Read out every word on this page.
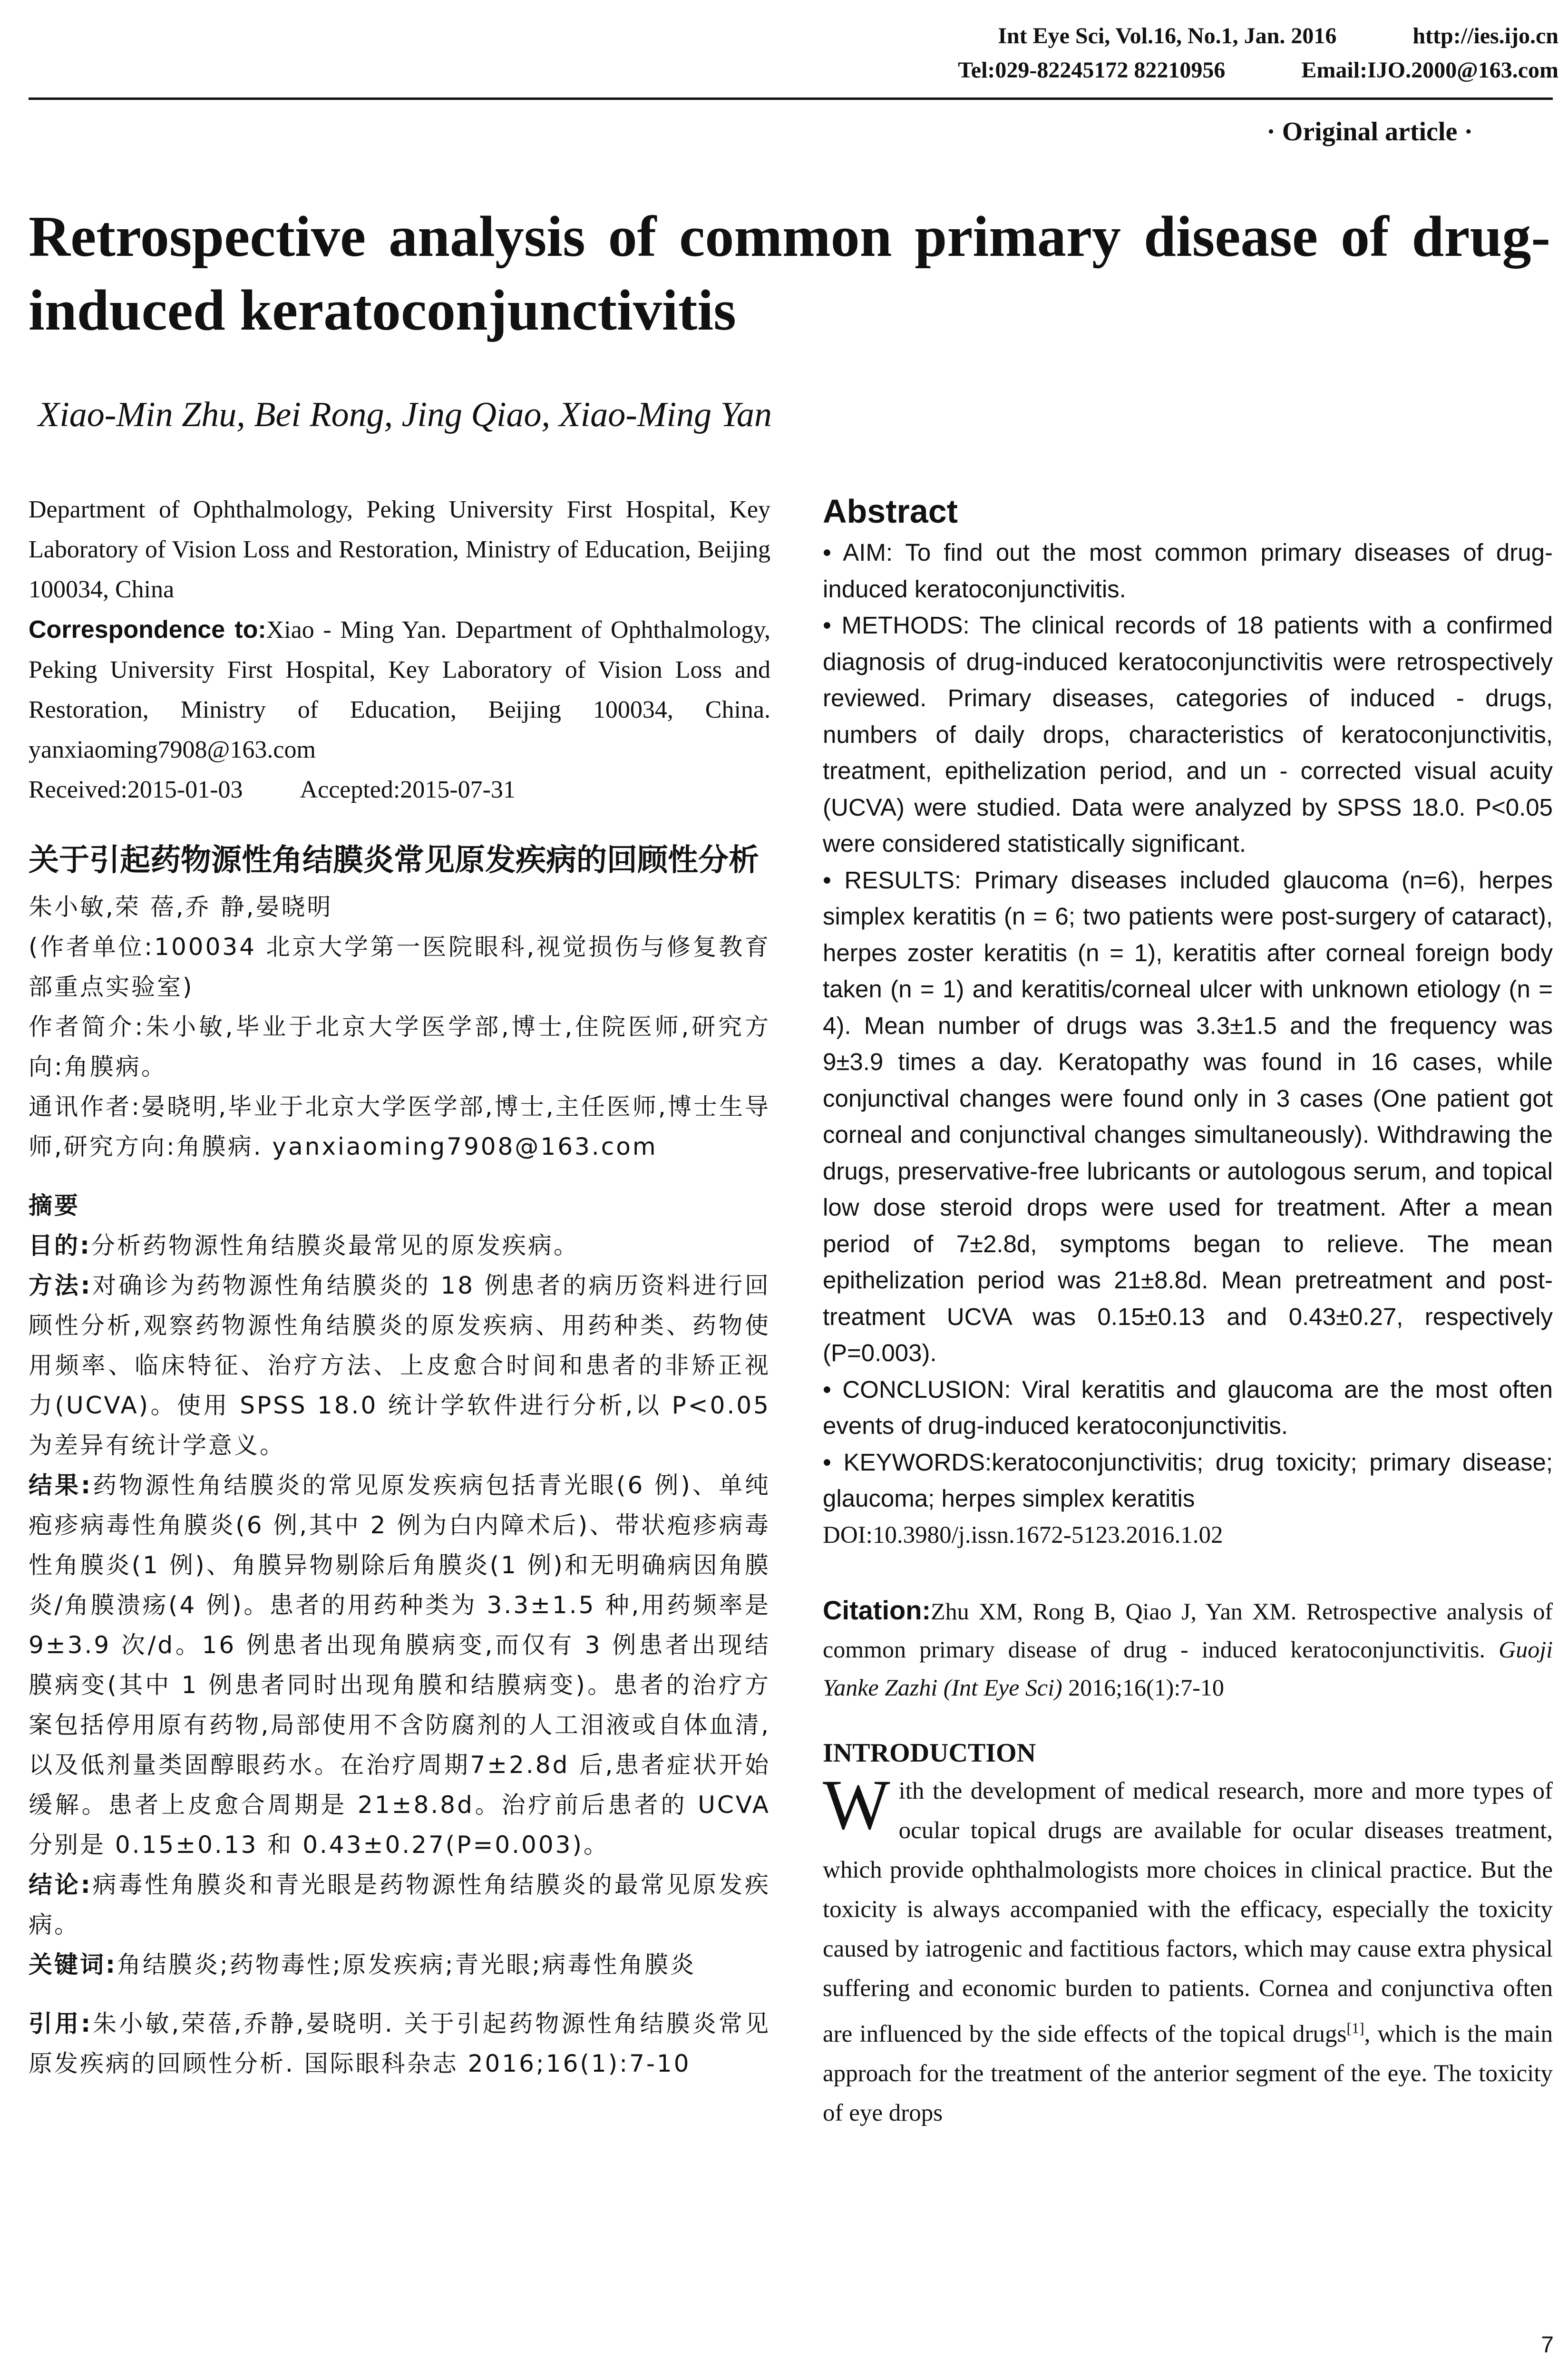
Int Eye Sci, Vol.16, No.1, Jan. 2016	http://ies.ijo.cn
Tel:029-82245172 82210956	Email:IJO.2000@163.com
· Original article ·
Retrospective analysis of common primary disease of drug-induced keratoconjunctivitis
Xiao-Min Zhu, Bei Rong, Jing Qiao, Xiao-Ming Yan

Department of Ophthalmology, Peking University First Hospital, Key Laboratory of Vision Loss and Restoration, Ministry of Education, Beijing 100034, China

Correspondence to:Xiao - Ming Yan. Department of Ophthalmology, Peking University First Hospital, Key Laboratory of Vision Loss and Restoration, Ministry of Education, Beijing 100034, China. yanxiaoming7908@163.com

Received:2015-01-03 Accepted:2015-07-31

关于引起药物源性角结膜炎常见原发疾病的回顾性分析
朱小敏,荣 蓓,乔 静,晏晓明
(作者单位:100034 北京大学第一医院眼科,视觉损伤与修复教育部重点实验室)
作者简介:朱小敏,毕业于北京大学医学部,博士,住院医师,研究方向:角膜病。
通讯作者:晏晓明,毕业于北京大学医学部,博士,主任医师,博士生导师,研究方向:角膜病. yanxiaoming7908@163.com
摘要
目的:分析药物源性角结膜炎最常见的原发疾病。
方法:对确诊为药物源性角结膜炎的 18 例患者的病历资料进行回顾性分析,观察药物源性角结膜炎的原发疾病、用药种类、药物使用频率、临床特征、治疗方法、上皮愈合时间和患者的非矫正视力(UCVA)。使用 SPSS 18.0 统计学软件进行分析,以 P<0.05 为差异有统计学意义。
结果:药物源性角结膜炎的常见原发疾病包括青光眼(6 例)、单纯疱疹病毒性角膜炎(6 例,其中 2 例为白内障术后)、带状疱疹病毒性角膜炎(1 例)、角膜异物剔除后角膜炎(1 例)和无明确病因角膜炎/角膜溃疡(4 例)。患者的用药种类为 3.3±1.5 种,用药频率是 9±3.9 次/d。16 例患者出现角膜病变,而仅有 3 例患者出现结膜病变(其中 1 例患者同时出现角膜和结膜病变)。患者的治疗方案包括停用原有药物,局部使用不含防腐剂的人工泪液或自体血清,以及低剂量类固醇眼药水。在治疗周期7±2.8d 后,患者症状开始缓解。患者上皮愈合周期是 21±8.8d。治疗前后患者的 UCVA 分别是 0.15±0.13 和 0.43±0.27(P=0.003)。
结论:病毒性角膜炎和青光眼是药物源性角结膜炎的最常见原发疾病。
关键词:角结膜炎;药物毒性;原发疾病;青光眼;病毒性角膜炎
引用:朱小敏,荣蓓,乔静,晏晓明. 关于引起药物源性角结膜炎常见原发疾病的回顾性分析. 国际眼科杂志 2016;16(1):7-10
Abstract

• AIM: To find out the most common primary diseases of drug-induced keratoconjunctivitis.

• METHODS: The clinical records of 18 patients with a confirmed diagnosis of drug-induced keratoconjunctivitis were retrospectively reviewed. Primary diseases, categories of induced - drugs, numbers of daily drops, characteristics of keratoconjunctivitis, treatment, epithelization period, and un - corrected visual acuity (UCVA) were studied. Data were analyzed by SPSS 18.0. P<0.05 were considered statistically significant.

• RESULTS: Primary diseases included glaucoma (n=6), herpes simplex keratitis (n = 6; two patients were post-surgery of cataract), herpes zoster keratitis (n = 1), keratitis after corneal foreign body taken (n = 1) and keratitis/corneal ulcer with unknown etiology (n = 4). Mean number of drugs was 3.3±1.5 and the frequency was 9±3.9 times a day. Keratopathy was found in 16 cases, while conjunctival changes were found only in 3 cases (One patient got corneal and conjunctival changes simultaneously). Withdrawing the drugs, preservative-free lubricants or autologous serum, and topical low dose steroid drops were used for treatment. After a mean period of 7±2.8d, symptoms began to relieve. The mean epithelization period was 21±8.8d. Mean pretreatment and post-treatment UCVA was 0.15±0.13 and 0.43±0.27, respectively (P=0.003).

• CONCLUSION: Viral keratitis and glaucoma are the most often events of drug-induced keratoconjunctivitis.

• KEYWORDS:keratoconjunctivitis; drug toxicity; primary disease; glaucoma; herpes simplex keratitis

DOI:10.3980/j.issn.1672-5123.2016.1.02

Citation:Zhu XM, Rong B, Qiao J, Yan XM. Retrospective analysis of common primary disease of drug - induced keratoconjunctivitis. Guoji Yanke Zazhi (Int Eye Sci) 2016;16(1):7-10
INTRODUCTION
With the development of medical research, more and more types of ocular topical drugs are available for ocular diseases treatment, which provide ophthalmologists more choices in clinical practice. But the toxicity is always accompanied with the efficacy, especially the toxicity caused by iatrogenic and factitious factors, which may cause extra physical suffering and economic burden to patients. Cornea and conjunctiva often are influenced by the side effects of the topical drugs[1], which is the main approach for the treatment of the anterior segment of the eye. The toxicity of eye drops
7
